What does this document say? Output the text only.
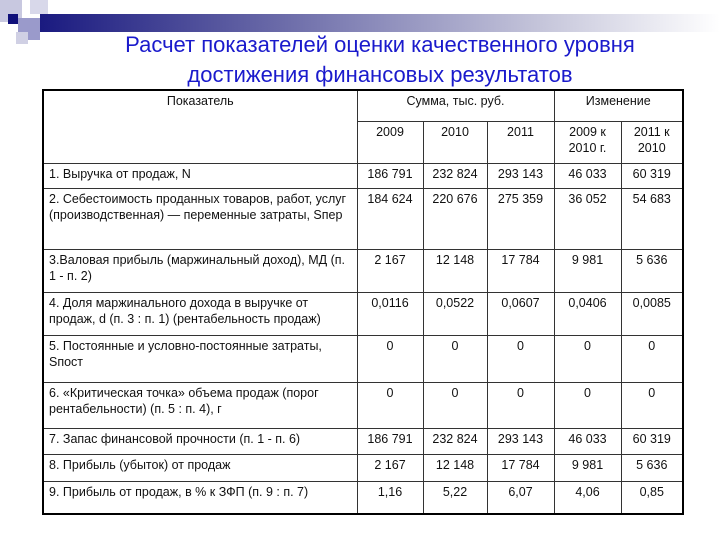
Расчет показателей оценки качественного уровня
достижения финансовых результатов
Показатель	Сумма, тыс. руб.			Изменение	
	2009	2010	2011	2009 к 2010 г.	2011 к 2010
1. Выручка от продаж, N	186 791	232 824	293 143	46 033	60 319
2. Себестоимость проданных товаров, работ, услуг (производственная) — переменные затраты, Sпер	184 624	220 676	275 359	36 052	54 683
3.Валовая прибыль (маржинальный доход), МД (п. 1 - п. 2)	2 167	12 148	17 784	9 981	5 636
4. Доля маржинального дохода в выручке от продаж, d (п. 3 : п. 1) (рентабельность продаж)	0,0116	0,0522	0,0607	0,0406	0,0085
5. Постоянные и условно-постоянные затраты, Sпост	0	0	0	0	0
6. «Критическая точка» объема продаж (порог рентабельности) (п. 5 : п. 4), г	0	0	0	0	0
7. Запас финансовой прочности (п. 1 - п. 6)	186 791	232 824	293 143	46 033	60 319
8. Прибыль (убыток) от продаж	2 167	12 148	17 784	9 981	5 636
9. Прибыль от продаж, в % к ЗФП (п. 9 : п. 7)	1,16	5,22	6,07	4,06	0,85
